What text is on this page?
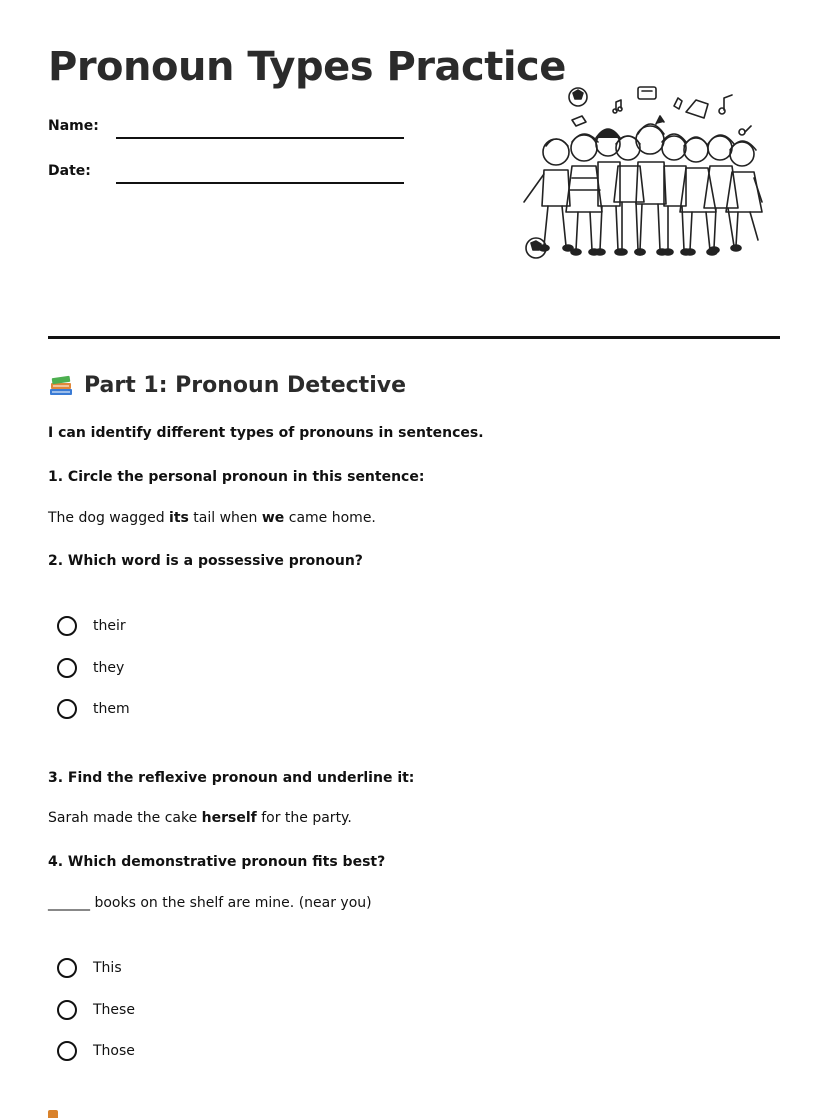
Pronoun Types Practice
Name:
Date:
Part 1: Pronoun Detective
I can identify different types of pronouns in sentences.
1. Circle the personal pronoun in this sentence:
The dog wagged its tail when we came home.
2. Which word is a possessive pronoun?
their
they
them
3. Find the reflexive pronoun and underline it:
Sarah made the cake herself for the party.
4. Which demonstrative pronoun fits best?
______ books on the shelf are mine. (near you)
This
These
Those
